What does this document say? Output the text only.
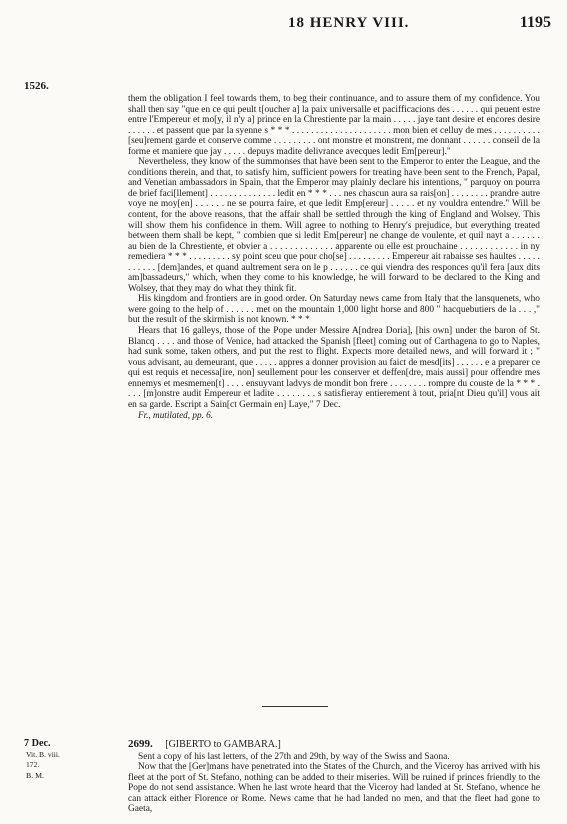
18 HENRY VIII.	1195
1526.

them the obligation I feel towards them, to beg their continuance, and to assure them of my confidence. You shall then say "que en ce qui peult t[oucher a] la paix universalle et pacifficacions des . . . . . . qui peuent estre entre l'Empereur et mo[y, il n'y a] prince en la Chrestiente par la main . . . . . jaye tant desire et encores desire . . . . . . et passent que par la syenne s * * * . . . . . . . . . . . . . . . . . . . . . mon bien et celluy de mes . . . . . . . . . . [seu]rement garde et conserve comme . . . . . . . . . ont monstre et monstrent, me donnant . . . . . . conseil de la forme et maniere que jay . . . . . depuys madite delivrance avecques ledit Em[pereur]."

Nevertheless, they know of the summonses that have been sent to the Emperor to enter the League, and the conditions therein, and that, to satisfy him, sufficient powers for treating have been sent to the French, Papal, and Venetian ambassadors in Spain, that the Emperor may plainly declare his intentions, " parquoy on pourra de brief faci[llement] . . . . . . . . . . . . . . ledit en * * * . . . nes chascun aura sa rais[on] . . . . . . . . prandre autre voye ne moy[en] . . . . . . ne se pourra faire, et que ledit Emp[ereur] . . . . . et ny vouldra entendre." Will be content, for the above reasons, that the affair shall be settled through the king of England and Wolsey. This will show them his confidence in them. Will agree to nothing to Henry's prejudice, but everything treated between them shall be kept, " combien que si ledit Em[pereur] ne change de voulente, et quil nayt a . . . . . . au bien de la Chrestiente, et obvier a . . . . . . . . . . . . . apparente ou elle est prouchaine . . . . . . . . . . . . in ny remediera * * * . . . . . . . . . sy point sceu que pour cho[se] . . . . . . . . . Empereur ait rabaisse ses haultes . . . . . . . . . . . [dem]andes, et quand aultrement sera on le p . . . . . . ce qui viendra des responces qu'il fera [aux dits am]bassadeurs," which, when they come to his knowledge, he will forward to be declared to the King and Wolsey, that they may do what they think fit.

His kingdom and frontiers are in good order. On Saturday news came from Italy that the lansquenets, who were going to the help of . . . . . . met on the mountain 1,000 light horse and 800 " hacquebutiers de la . . . ," but the result of the skirmish is not known. * * *

Hears that 16 galleys, those of the Pope under Messire A[ndrea Doria], [his own] under the baron of St. Blancq . . . . and those of Venice, had attacked the Spanish [fleet] coming out of Carthagena to go to Naples, had sunk some, taken others, and put the rest to flight. Expects more detailed news, and will forward it ; " vous advisant, au demeurant, que . . . . . appres a donner provision au faict de mesd[its] . . . . . . e a preparer ce qui est requis et necessa[ire, non] seullement pour les conserver et deffen[dre, mais aussi] pour offendre mes ennemys et mesmemen[t] . . . . ensuyvant ladvys de mondit bon frere . . . . . . . . rompre du couste de la * * * . . . . [m]onstre audit Empereur et ladite . . . . . . . . s satisfieray entierement à tout, pria[nt Dieu qu'il] vous ait en sa garde. Escript a Sain[ct Germain en] Laye," 7 Dec.

Fr., mutilated, pp. 6.

7 Dec.
Vit. B. viii.
172.
B. M.
2699. [GIBERTO to GAMBARA.]

Sent a copy of his last letters, of the 27th and 29th, by way of the Swiss and Saona.

Now that the [Ger]mans have penetrated into the States of the Church, and the Viceroy has arrived with his fleet at the port of St. Stefano, nothing can be added to their miseries. Will be ruined if princes friendly to the Pope do not send assistance. When he last wrote heard that the Viceroy had landed at St. Stefano, whence he can attack either Florence or Rome. News came that he had landed no men, and that the fleet had gone to Gaeta,
